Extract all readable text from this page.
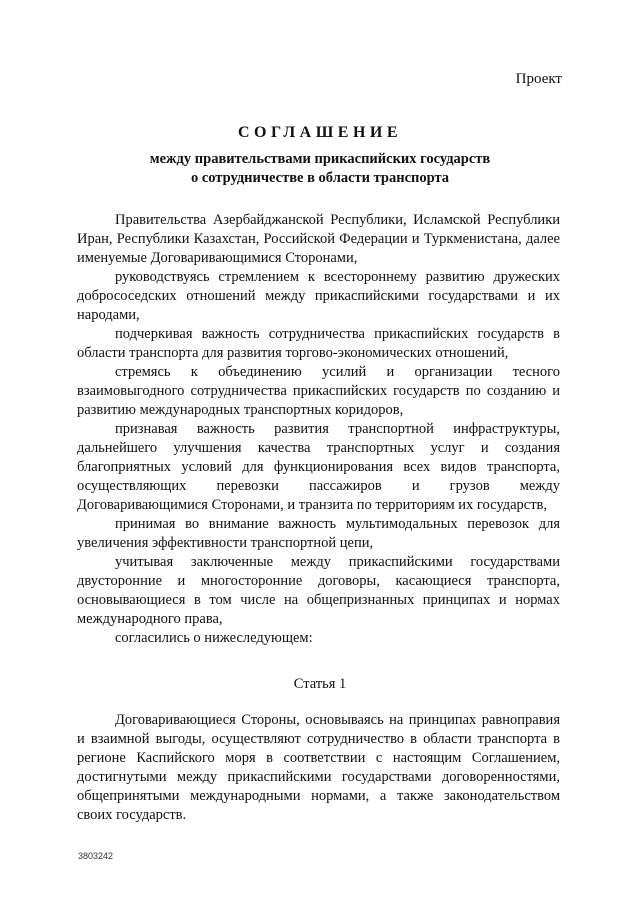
Проект
СОГЛАШЕНИЕ
между правительствами прикаспийских государств
о сотрудничестве в области транспорта

Правительства Азербайджанской Республики, Исламской Республики Иран, Республики Казахстан, Российской Федерации и Туркменистана, далее именуемые Договаривающимися Сторонами,

руководствуясь стремлением к всестороннему развитию дружеских добрососедских отношений между прикаспийскими государствами и их народами,

подчеркивая важность сотрудничества прикаспийских государств в области транспорта для развития торгово-экономических отношений,

стремясь к объединению усилий и организации тесного взаимовыгодного сотрудничества прикаспийских государств по созданию и развитию международных транспортных коридоров,

признавая важность развития транспортной инфраструктуры, дальнейшего улучшения качества транспортных услуг и создания благоприятных условий для функционирования всех видов транспорта, осуществляющих перевозки пассажиров и грузов между Договаривающимися Сторонами, и транзита по территориям их государств,

принимая во внимание важность мультимодальных перевозок для увеличения эффективности транспортной цепи,

учитывая заключенные между прикаспийскими государствами двусторонние и многосторонние договоры, касающиеся транспорта, основывающиеся в том числе на общепризнанных принципах и нормах международного права,

согласились о нижеследующем:

Статья 1

Договаривающиеся Стороны, основываясь на принципах равноправия и взаимной выгоды, осуществляют сотрудничество в области транспорта в регионе Каспийского моря в соответствии с настоящим Соглашением, достигнутыми между прикаспийскими государствами договоренностями, общепринятыми международными нормами, а также законодательством своих государств.

3803242
